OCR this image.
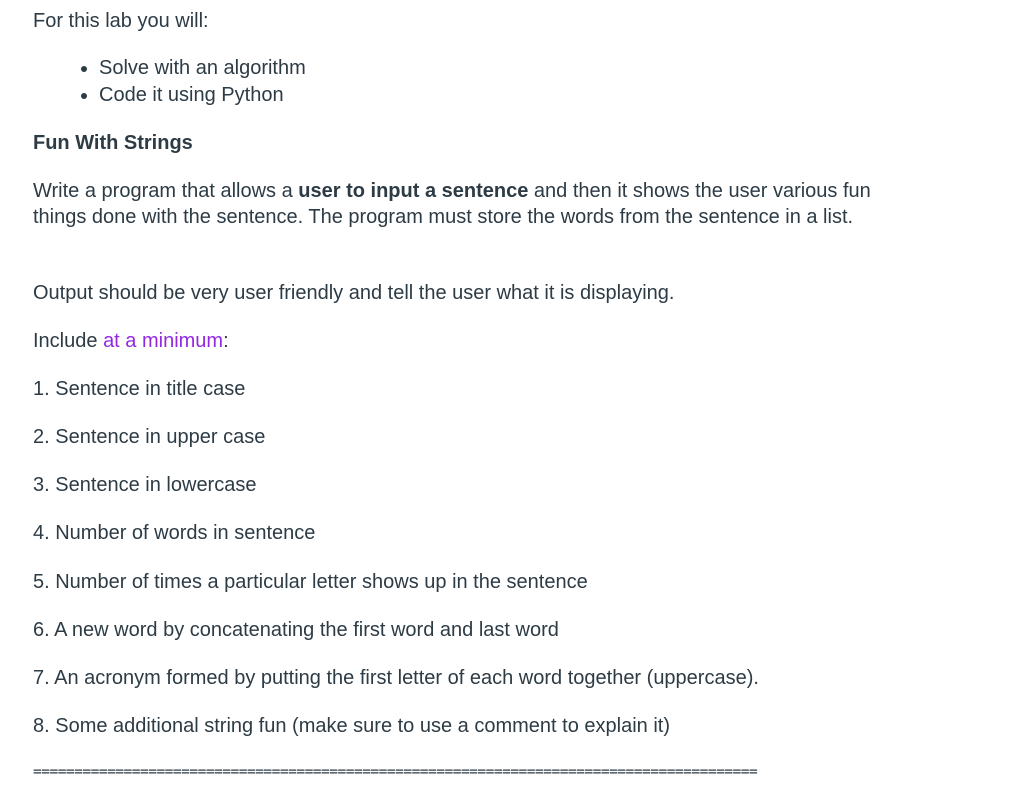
For this lab you will:

• Solve with an algorithm
• Code it using Python

Fun With Strings

Write a program that allows a user to input a sentence and then it shows the user various fun things done with the sentence. The program must store the words from the sentence in a list.

Output should be very user friendly and tell the user what it is displaying.

Include at a minimum:

1. Sentence in title case

2. Sentence in upper case

3. Sentence in lowercase

4. Number of words in sentence

5. Number of times a particular letter shows up in the sentence

6. A new word by concatenating the first word and last word

7. An acronym formed by putting the first letter of each word together (uppercase).

8. Some additional string fun (make sure to use a comment to explain it)

========================================================================================
